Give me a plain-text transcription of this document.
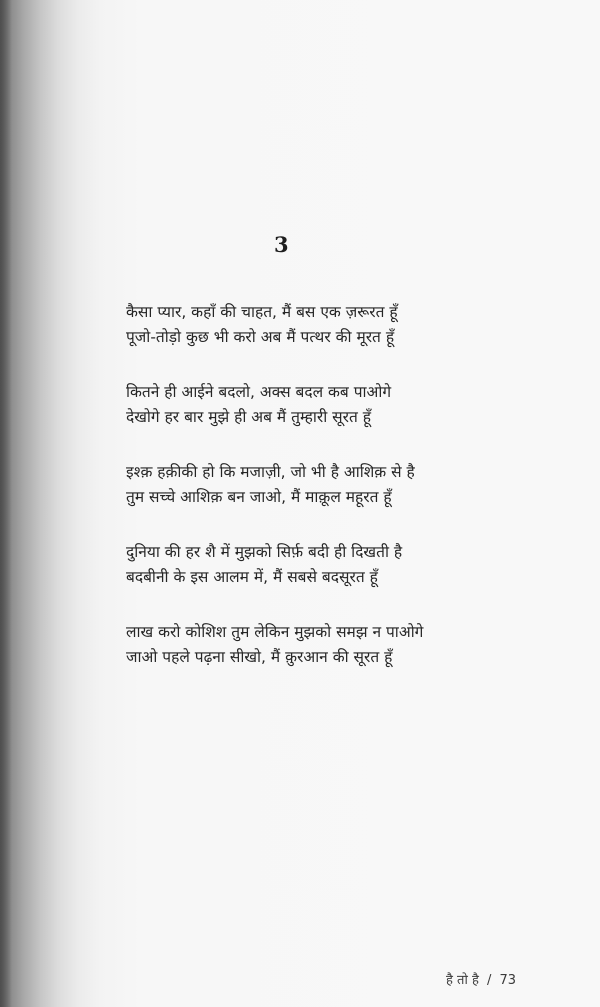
3
कैसा प्यार, कहाँ की चाहत, मैं बस एक ज़रूरत हूँ
पूजो-तोड़ो कुछ भी करो अब मैं पत्थर की मूरत हूँ
कितने ही आईने बदलो, अक्स बदल कब पाओगे
देखोगे हर बार मुझे ही अब मैं तुम्हारी सूरत हूँ
इश्क़ हक़ीकी हो कि मजाज़ी, जो भी है आशिक़ से है
तुम सच्चे आशिक़ बन जाओ, मैं माक़ूल महूरत हूँ
दुनिया की हर शै में मुझको सिर्फ़ बदी ही दिखती है
बदबीनी के इस आलम में, मैं सबसे बदसूरत हूँ
लाख करो कोशिश तुम लेकिन मुझको समझ न पाओगे
जाओ पहले पढ़ना सीखो, मैं क़ुरआन की सूरत हूँ
है तो है / 73
